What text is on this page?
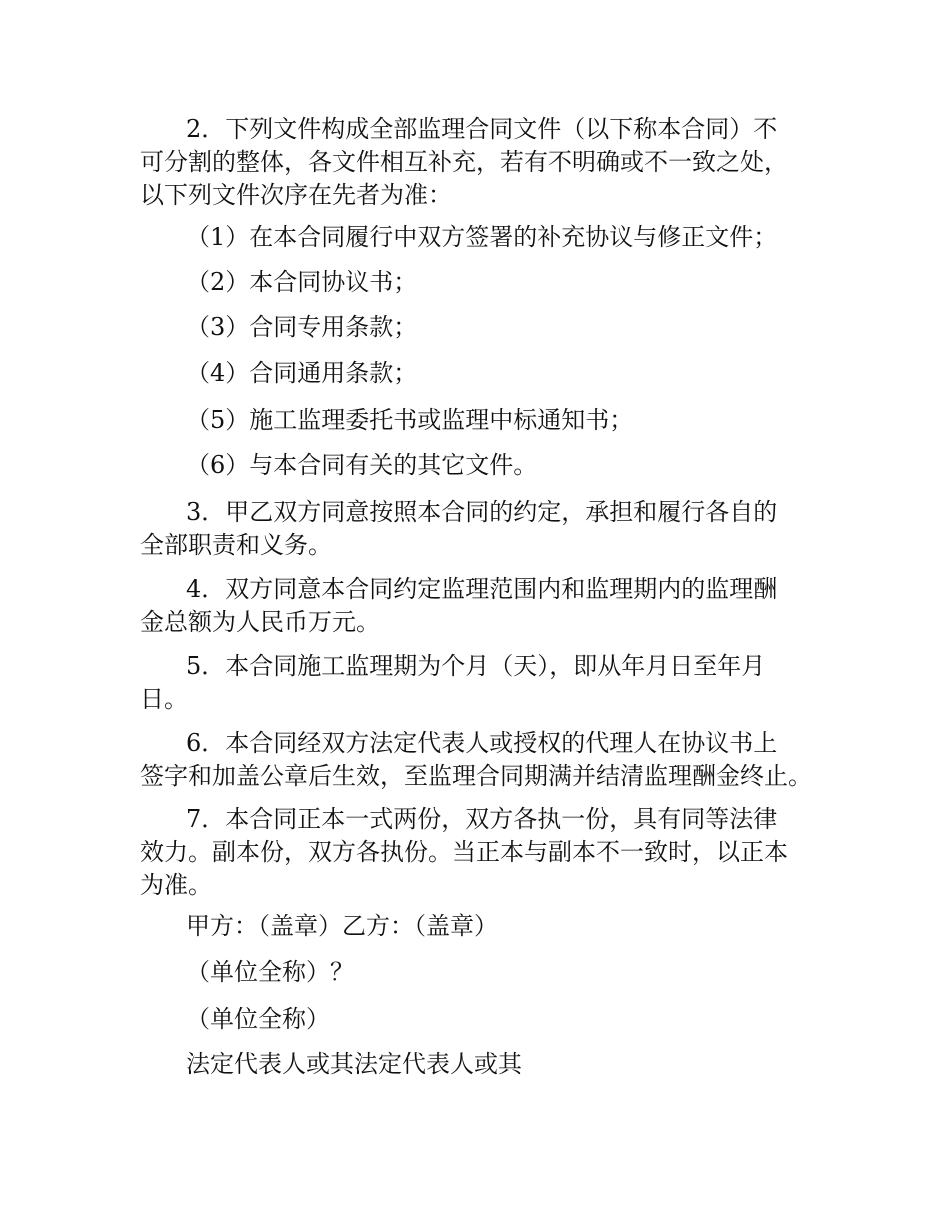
2．下列文件构成全部监理合同文件（以下称本合同）不
可分割的整体，各文件相互补充，若有不明确或不一致之处，
以下列文件次序在先者为准：

（1）在本合同履行中双方签署的补充协议与修正文件；

（2）本合同协议书；

（3）合同专用条款；

（4）合同通用条款；

（5）施工监理委托书或监理中标通知书；

（6）与本合同有关的其它文件。

3．甲乙双方同意按照本合同的约定，承担和履行各自的
全部职责和义务。

4．双方同意本合同约定监理范围内和监理期内的监理酬
金总额为人民币万元。

5．本合同施工监理期为个月（天），即从年月日至年月
日。

6．本合同经双方法定代表人或授权的代理人在协议书上
签字和加盖公章后生效，至监理合同期满并结清监理酬金终止。

7．本合同正本一式两份，双方各执一份，具有同等法律
效力。副本份，双方各执份。当正本与副本不一致时，以正本
为准。

甲方：（盖章）乙方：（盖章）

（单位全称）？

（单位全称）

法定代表人或其法定代表人或其
